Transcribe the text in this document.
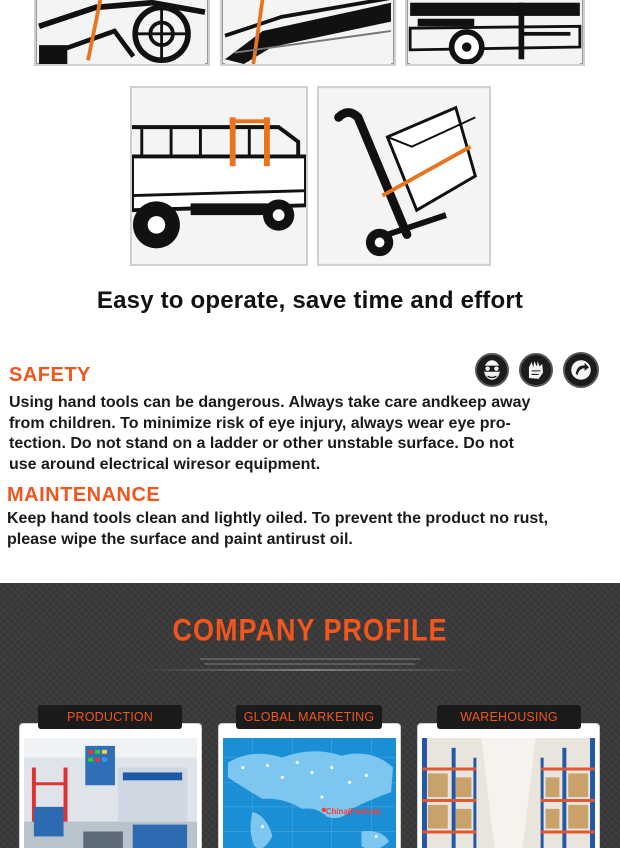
Easy to operate, save time and effort
SAFETY
Using hand tools can be dangerous. Always take care andkeep away
from children. To minimize risk of eye injury, always wear eye pro-
tection. Do not stand on a ladder or other unstable surface. Do not
use around electrical wiresor equipment.
MAINTENANCE
Keep hand tools clean and lightly oiled. To prevent the product no rust,
please wipe the surface and paint antirust oil.
COMPANY PROFILE
China(Foshan)
PRODUCTION	GLOBAL MARKETING	WAREHOUSING
